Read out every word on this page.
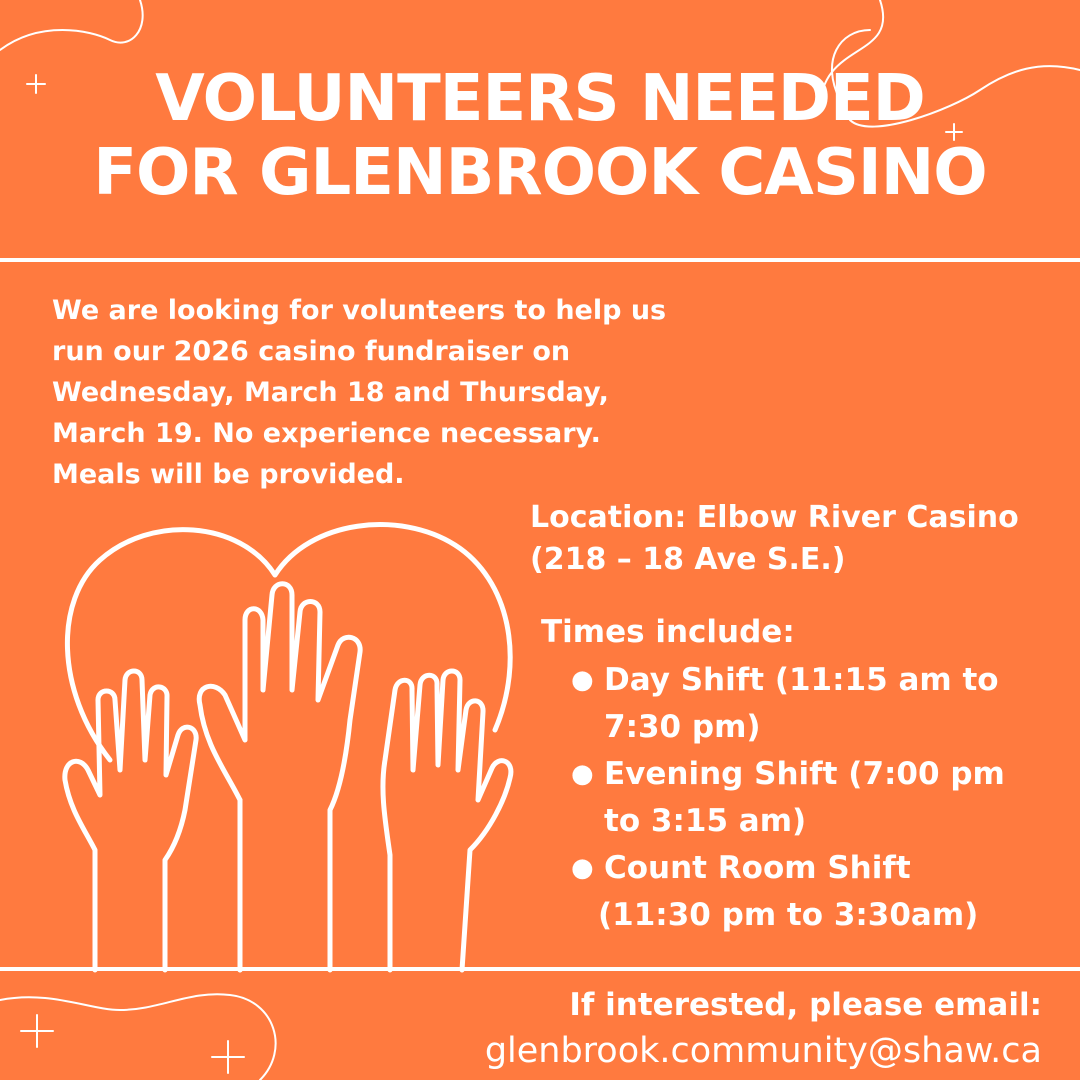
VOLUNTEERS NEEDED
FOR GLENBROOK CASINO
We are looking for volunteers to help us
run our 2026 casino fundraiser on
Wednesday, March 18 and Thursday,
March 19. No experience necessary.
Meals will be provided.
Location: Elbow River Casino
(218 – 18 Ave S.E.)
Times include:
● Day Shift (11:15 am to
7:30 pm)
● Evening Shift (7:00 pm
to 3:15 am)
● Count Room Shift
(11:30 pm to 3:30am)
If interested, please email:
glenbrook.community@shaw.ca
